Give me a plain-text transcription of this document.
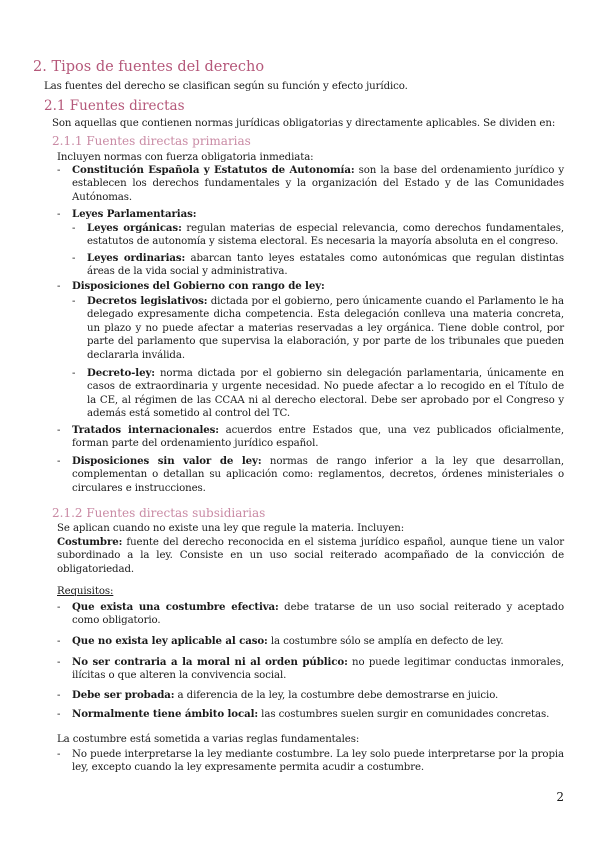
2. Tipos de fuentes del derecho
Las fuentes del derecho se clasifican según su función y efecto jurídico.
2.1 Fuentes directas
Son aquellas que contienen normas jurídicas obligatorias y directamente aplicables. Se dividen en:
2.1.1 Fuentes directas primarias
Incluyen normas con fuerza obligatoria inmediata:
- Constitución Española y Estatutos de Autonomía: son la base del ordenamiento jurídico y establecen los derechos fundamentales y la organización del Estado y de las Comunidades Autónomas.
- Leyes Parlamentarias:
- Leyes orgánicas: regulan materias de especial relevancia, como derechos fundamentales, estatutos de autonomía y sistema electoral. Es necesaria la mayoría absoluta en el congreso.
- Leyes ordinarias: abarcan tanto leyes estatales como autonómicas que regulan distintas áreas de la vida social y administrativa.
- Disposiciones del Gobierno con rango de ley:
- Decretos legislativos: dictada por el gobierno, pero únicamente cuando el Parlamento le ha delegado expresamente dicha competencia. Esta delegación conlleva una materia concreta, un plazo y no puede afectar a materias reservadas a ley orgánica. Tiene doble control, por parte del parlamento que supervisa la elaboración, y por parte de los tribunales que pueden declararla inválida.
- Decreto-ley: norma dictada por el gobierno sin delegación parlamentaria, únicamente en casos de extraordinaria y urgente necesidad. No puede afectar a lo recogido en el Título de la CE, al régimen de las CCAA ni al derecho electoral. Debe ser aprobado por el Congreso y además está sometido al control del TC.
- Tratados internacionales: acuerdos entre Estados que, una vez publicados oficialmente, forman parte del ordenamiento jurídico español.
- Disposiciones sin valor de ley: normas de rango inferior a la ley que desarrollan, complementan o detallan su aplicación como: reglamentos, decretos, órdenes ministeriales o circulares e instrucciones.
2.1.2 Fuentes directas subsidiarias
Se aplican cuando no existe una ley que regule la materia. Incluyen:
Costumbre: fuente del derecho reconocida en el sistema jurídico español, aunque tiene un valor subordinado a la ley. Consiste en un uso social reiterado acompañado de la convicción de obligatoriedad.
Requisitos:
- Que exista una costumbre efectiva: debe tratarse de un uso social reiterado y aceptado como obligatorio.
- Que no exista ley aplicable al caso: la costumbre sólo se amplía en defecto de ley.
- No ser contraria a la moral ni al orden público: no puede legitimar conductas inmorales, ilícitas o que alteren la convivencia social.
- Debe ser probada: a diferencia de la ley, la costumbre debe demostrarse en juicio.
- Normalmente tiene ámbito local: las costumbres suelen surgir en comunidades concretas.
La costumbre está sometida a varias reglas fundamentales:
- No puede interpretarse la ley mediante costumbre. La ley solo puede interpretarse por la propia ley, excepto cuando la ley expresamente permita acudir a costumbre.
2
